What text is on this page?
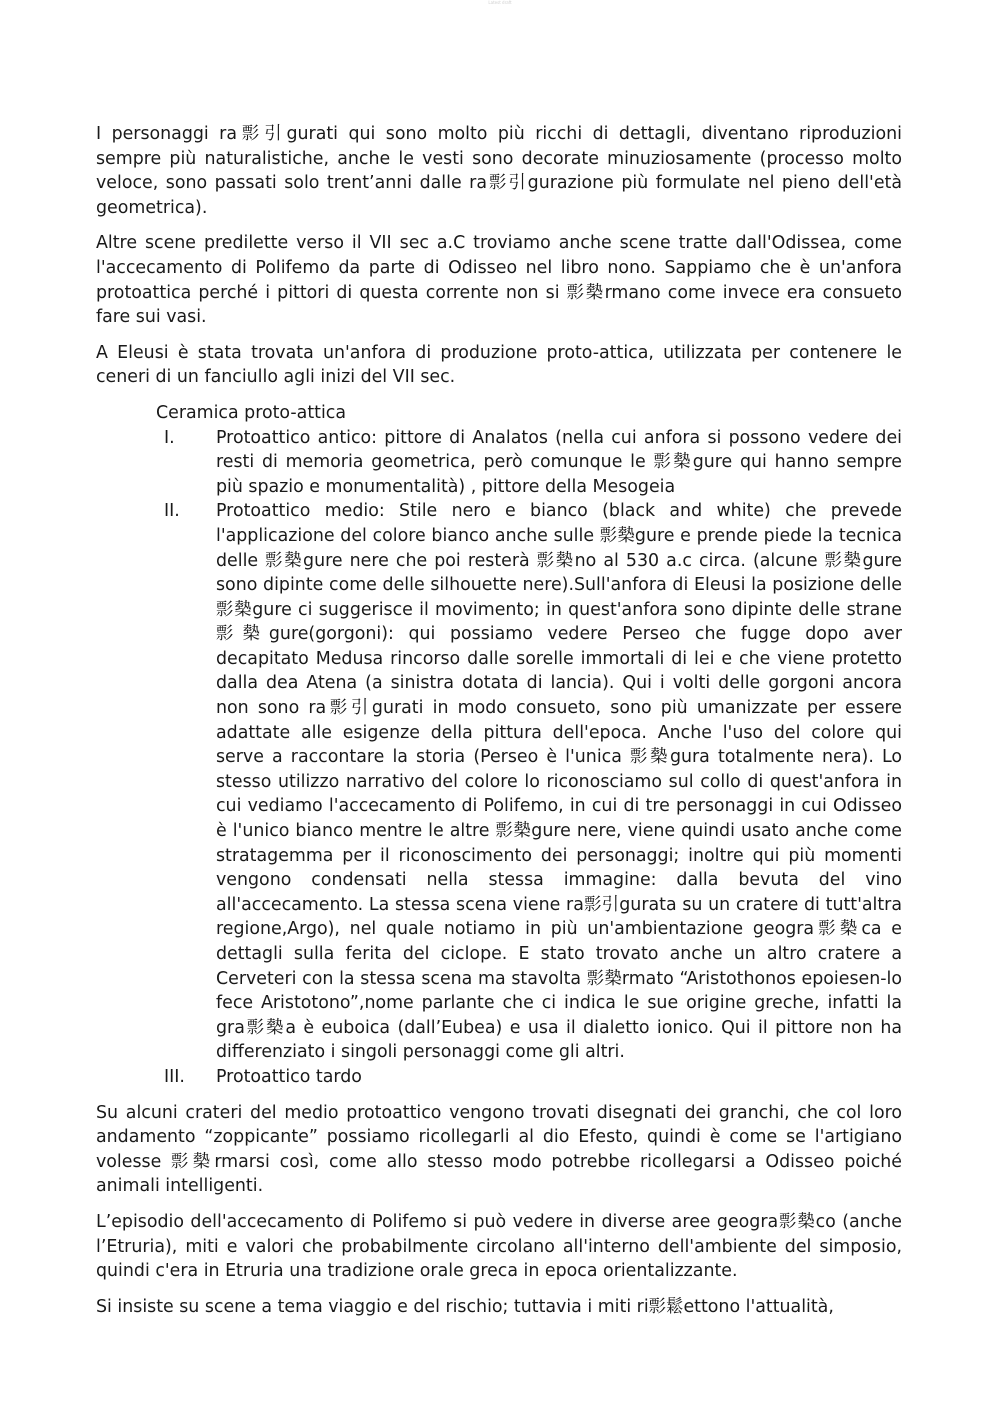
Latest draft

I personaggi ra彯引gurati qui sono molto più ricchi di dettagli, diventano riproduzioni sempre più naturalistiche, anche le vesti sono decorate minuziosamente (processo molto veloce, sono passati solo trent’anni dalle ra彯引gurazione più formulate nel pieno dell'età geometrica).

Altre scene predilette verso il VII sec a.C troviamo anche scene tratte dall'Odissea, come l'accecamento di Polifemo da parte di Odisseo nel libro nono. Sappiamo che è un'anfora protoattica perché i pittori di questa corrente non si 彯槷rmano come invece era consueto fare sui vasi.

A Eleusi è stata trovata un'anfora di produzione proto-attica, utilizzata per contenere le ceneri di un fanciullo agli inizi del VII sec.

Ceramica proto-attica

I.	Protoattico antico: pittore di Analatos (nella cui anfora si possono vedere dei resti di memoria geometrica, però comunque le 彯槷gure qui hanno sempre più spazio e monumentalità) , pittore della Mesogeia
II.	Protoattico medio: Stile nero e bianco (black and white) che prevede l'applicazione del colore bianco anche sulle 彯槷gure e prende piede la tecnica delle 彯槷gure nere che poi resterà 彯槷no al 530 a.c circa. (alcune 彯槷gure sono dipinte come delle silhouette nere).Sull'anfora di Eleusi la posizione delle 彯槷gure ci suggerisce il movimento; in quest'anfora sono dipinte delle strane 彯槷gure(gorgoni): qui possiamo vedere Perseo che fugge dopo aver decapitato Medusa rincorso dalle sorelle immortali di lei e che viene protetto dalla dea Atena (a sinistra dotata di lancia). Qui i volti delle gorgoni ancora non sono ra彯引gurati in modo consueto, sono più umanizzate per essere adattate alle esigenze della pittura dell'epoca. Anche l'uso del colore qui serve a raccontare la storia (Perseo è l'unica 彯槷gura totalmente nera). Lo stesso utilizzo narrativo del colore lo riconosciamo sul collo di quest'anfora in cui vediamo l'accecamento di Polifemo, in cui di tre personaggi in cui Odisseo è l'unico bianco mentre le altre 彯槷gure nere, viene quindi usato anche come stratagemma per il riconoscimento dei personaggi; inoltre qui più momenti vengono condensati nella stessa immagine: dalla bevuta del vino all'accecamento. La stessa scena viene ra彯引gurata su un cratere di tutt'altra regione,Argo), nel quale notiamo in più un'ambientazione geogra彯槷ca e dettagli sulla ferita del ciclope. E stato trovato anche un altro cratere a Cerveteri con la stessa scena ma stavolta 彯槷rmato “Aristothonos epoiesen-lo fece Aristotono”,nome parlante che ci indica le sue origine greche, infatti la gra彯槷a è euboica (dall’Eubea) e usa il dialetto ionico. Qui il pittore non ha differenziato i singoli personaggi come gli altri.
III.	Protoattico tardo

Su alcuni crateri del medio protoattico vengono trovati disegnati dei granchi, che col loro andamento “zoppicante” possiamo ricollegarli al dio Efesto, quindi è come se l'artigiano volesse 彯槷rmarsi così, come allo stesso modo potrebbe ricollegarsi a Odisseo poiché animali intelligenti.

L’episodio dell'accecamento di Polifemo si può vedere in diverse aree geogra彯槷co (anche l’Etruria), miti e valori che probabilmente circolano all'interno dell'ambiente del simposio, quindi c'era in Etruria una tradizione orale greca in epoca orientalizzante.

Si insiste su scene a tema viaggio e del rischio; tuttavia i miti ri彯鬆ettono l'attualità,
